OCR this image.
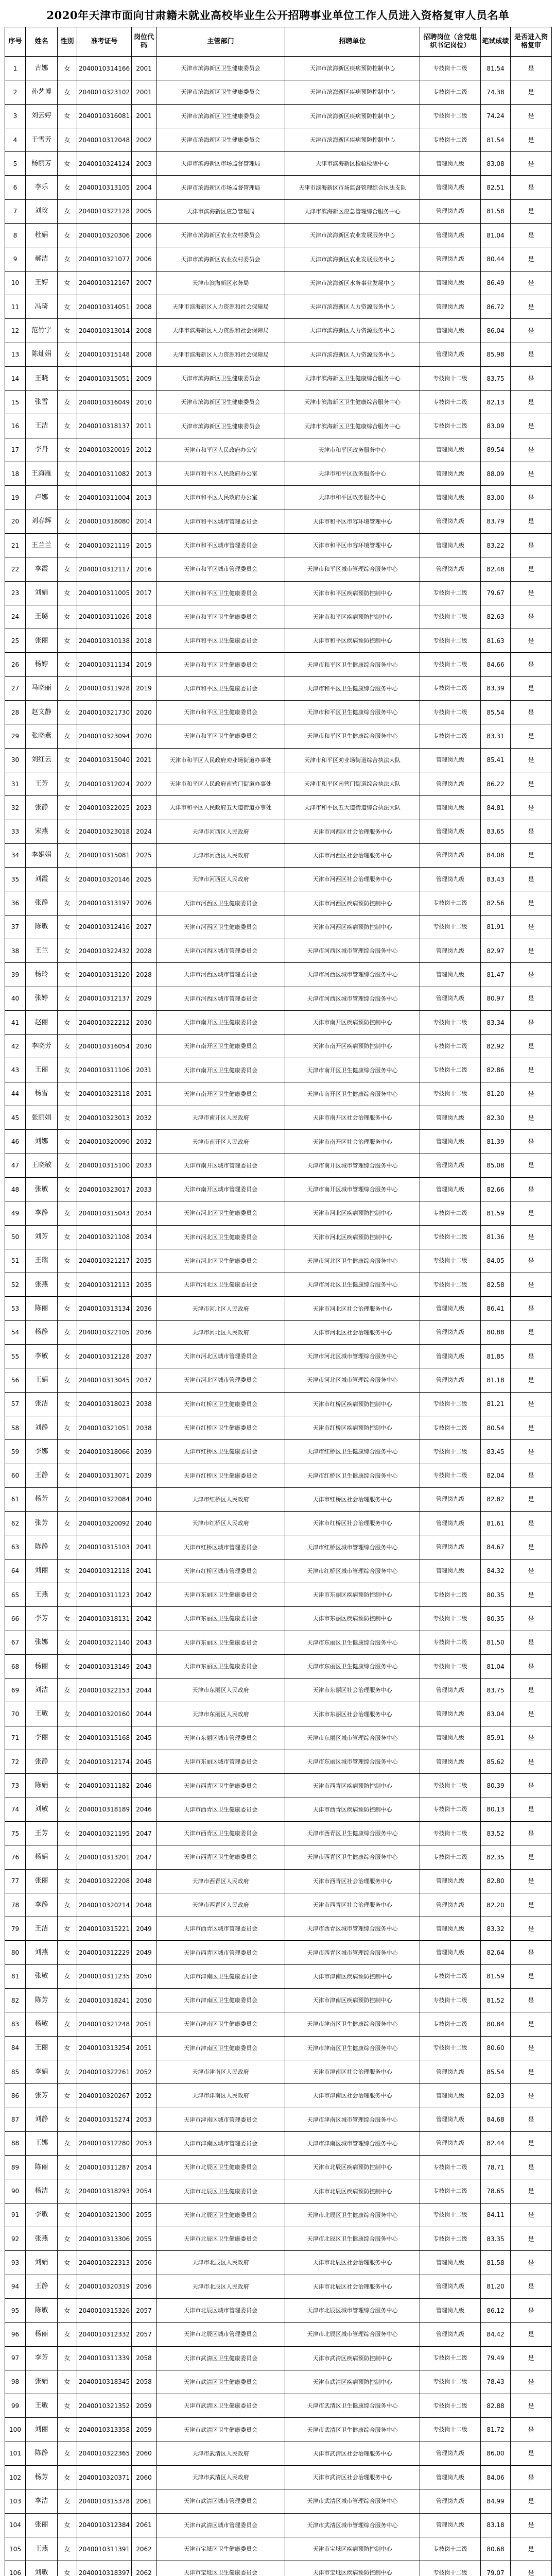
2020年天津市面向甘肃籍未就业高校毕业生公开招聘事业单位工作人员进入资格复审人员名单
序号	姓名	性别	准考证号	岗位代码	主管部门	招聘单位	招聘岗位（含党组织书记岗位）	笔试成绩	是否进入资格复审
1	古娜	女	2040010314166	2001	天津市滨海新区卫生健康委员会	天津市滨海新区疾病预防控制中心	专技岗十二级	81.54	是
2	孙艺博	女	2040010323102	2001	天津市滨海新区卫生健康委员会	天津市滨海新区疾病预防控制中心	专技岗十二级	74.38	是
3	刘云婷	女	2040010316081	2001	天津市滨海新区卫生健康委员会	天津市滨海新区疾病预防控制中心	专技岗十二级	74.24	是
4	于雪芳	女	2040010312048	2002	天津市滨海新区卫生健康委员会	天津市滨海新区疾病预防控制中心	专技岗十二级	81.54	是
5	杨丽芳	女	2040010324124	2003	天津市滨海新区市场监督管理局	天津市滨海新区检验检测中心	管理岗九级	83.08	是
6	李乐	女	2040010313105	2004	天津市滨海新区市场监督管理局	天津市滨海新区市场监督管理综合执法支队	管理岗九级	82.51	是
7	刘玫	女	2040010322128	2005	天津市滨海新区应急管理局	天津市滨海新区应急管理综合服务中心	管理岗九级	81.58	是
8	杜娟	女	2040010320306	2006	天津市滨海新区农业农村委员会	天津市滨海新区农业发展服务中心	管理岗九级	81.04	是
9	郝洁	女	2040010321077	2006	天津市滨海新区农业农村委员会	天津市滨海新区农业发展服务中心	管理岗九级	80.44	是
10	王婷	女	2040010312167	2007	天津市滨海新区水务局	天津市滨海新区水务事业发展中心	管理岗九级	86.49	是
11	冯琦	女	2040010314051	2008	天津市滨海新区人力资源和社会保障局	天津市滨海新区人力资源服务中心	管理岗九级	86.72	是
12	范竹宇	女	2040010313014	2008	天津市滨海新区人力资源和社会保障局	天津市滨海新区人力资源服务中心	管理岗九级	86.04	是
13	陈灿娟	女	2040010315148	2008	天津市滨海新区人力资源和社会保障局	天津市滨海新区人力资源服务中心	管理岗九级	85.98	是
14	王晓	女	2040010315051	2009	天津市滨海新区卫生健康委员会	天津市滨海新区卫生健康综合服务中心	专技岗十二级	83.75	是
15	张雪	女	2040010316049	2010	天津市滨海新区卫生健康委员会	天津市滨海新区卫生健康综合服务中心	专技岗十二级	82.13	是
16	王洁	女	2040010318137	2011	天津市滨海新区卫生健康委员会	天津市滨海新区卫生健康综合服务中心	专技岗十二级	83.09	是
17	李丹	女	2040010320019	2012	天津市和平区人民政府办公室	天津市和平区政务服务中心	管理岗九级	89.54	是
18	王海雁	女	2040010311082	2013	天津市和平区人民政府办公室	天津市和平区政务服务中心	管理岗九级	88.09	是
19	卢娜	女	2040010311004	2013	天津市和平区人民政府办公室	天津市和平区政务服务中心	管理岗九级	83.00	是
20	刘春辉	女	2040010318080	2014	天津市和平区城市管理委员会	天津市和平区市容环境管理中心	管理岗九级	83.79	是
21	王兰兰	女	2040010321119	2015	天津市和平区城市管理委员会	天津市和平区市容环境管理中心	管理岗九级	83.22	是
22	李霞	女	2040010312117	2016	天津市和平区城市管理委员会	天津市和平区城市管理综合服务中心	管理岗九级	82.48	是
23	刘娟	女	2040010311005	2017	天津市和平区卫生健康委员会	天津市和平区疾病预防控制中心	专技岗十二级	79.67	是
24	王璐	女	2040010311026	2018	天津市和平区卫生健康委员会	天津市和平区疾病预防控制中心	专技岗十二级	82.63	是
25	张丽	女	2040010310138	2018	天津市和平区卫生健康委员会	天津市和平区疾病预防控制中心	专技岗十二级	81.63	是
26	杨婷	女	2040010311134	2019	天津市和平区卫生健康委员会	天津市和平区卫生健康综合服务中心	专技岗十二级	84.66	是
27	马晓丽	女	2040010311928	2019	天津市和平区卫生健康委员会	天津市和平区卫生健康综合服务中心	专技岗十二级	83.39	是
28	赵文静	女	2040010321730	2020	天津市和平区卫生健康委员会	天津市和平区卫生健康综合服务中心	专技岗十二级	85.54	是
29	张晓燕	女	2040010323094	2020	天津市和平区卫生健康委员会	天津市和平区卫生健康综合服务中心	专技岗十二级	83.31	是
30	刘红云	女	2040010315040	2021	天津市和平区人民政府劝业场街道办事处	天津市和平区劝业场街道综合执法大队	管理岗九级	85.41	是
31	王芳	女	2040010312024	2022	天津市和平区人民政府南营门街道办事处	天津市和平区南营门街道综合执法大队	管理岗九级	86.22	是
32	张静	女	2040010322025	2023	天津市和平区人民政府五大道街道办事处	天津市和平区五大道街道综合执法大队	管理岗九级	84.81	是
33	宋燕	女	2040010323018	2024	天津市河西区人民政府	天津市河西区社会治理服务中心	管理岗九级	83.65	是
34	李娟娟	女	2040010315081	2025	天津市河西区人民政府	天津市河西区社会治理服务中心	管理岗九级	84.08	是
35	刘霞	女	2040010320146	2025	天津市河西区人民政府	天津市河西区社会治理服务中心	管理岗九级	83.43	是
36	张静	女	2040010313197	2026	天津市河西区卫生健康委员会	天津市河西区疾病预防控制中心	专技岗十二级	82.56	是
37	陈敏	女	2040010312416	2027	天津市河西区卫生健康委员会	天津市河西区疾病预防控制中心	专技岗十二级	81.91	是
38	王兰	女	2040010322432	2028	天津市河西区城市管理委员会	天津市河西区城市管理综合服务中心	管理岗九级	82.97	是
39	杨玲	女	2040010313120	2028	天津市河西区城市管理委员会	天津市河西区城市管理综合服务中心	管理岗九级	81.47	是
40	张婷	女	2040010312137	2029	天津市河西区城市管理委员会	天津市河西区城市管理综合服务中心	管理岗九级	80.97	是
41	赵丽	女	2040010322212	2030	天津市南开区卫生健康委员会	天津市南开区疾病预防控制中心	专技岗十二级	83.34	是
42	李晓芳	女	2040010316054	2030	天津市南开区卫生健康委员会	天津市南开区疾病预防控制中心	专技岗十二级	82.92	是
43	王丽	女	2040010311106	2031	天津市南开区卫生健康委员会	天津市南开区卫生健康综合服务中心	专技岗十二级	82.86	是
44	杨雪	女	2040010323118	2031	天津市南开区卫生健康委员会	天津市南开区卫生健康综合服务中心	专技岗十二级	81.20	是
45	张丽娟	女	2040010323013	2032	天津市南开区人民政府	天津市南开区社会治理服务中心	管理岗九级	82.30	是
46	刘娜	女	2040010320090	2032	天津市南开区人民政府	天津市南开区社会治理服务中心	管理岗九级	81.39	是
47	王晓敏	女	2040010315100	2033	天津市南开区城市管理委员会	天津市南开区城市管理综合服务中心	管理岗九级	85.08	是
48	张敏	女	2040010323017	2033	天津市南开区城市管理委员会	天津市南开区城市管理综合服务中心	管理岗九级	82.66	是
49	李静	女	2040010315043	2034	天津市河北区卫生健康委员会	天津市河北区疾病预防控制中心	专技岗十二级	81.59	是
50	刘芳	女	2040010321108	2034	天津市河北区卫生健康委员会	天津市河北区疾病预防控制中心	专技岗十二级	81.36	是
51	王瑞	女	2040010321217	2035	天津市河北区卫生健康委员会	天津市河北区卫生健康综合服务中心	专技岗十二级	84.05	是
52	张燕	女	2040010312113	2035	天津市河北区卫生健康委员会	天津市河北区卫生健康综合服务中心	专技岗十二级	82.58	是
53	陈丽	女	2040010313134	2036	天津市河北区人民政府	天津市河北区社会治理服务中心	管理岗九级	86.41	是
54	杨静	女	2040010322105	2036	天津市河北区人民政府	天津市河北区社会治理服务中心	管理岗九级	80.88	是
55	李敏	女	2040010312128	2037	天津市河北区城市管理委员会	天津市河北区城市管理综合服务中心	管理岗九级	81.85	是
56	王娟	女	2040010313045	2037	天津市河北区城市管理委员会	天津市河北区城市管理综合服务中心	管理岗九级	81.18	是
57	张洁	女	2040010318023	2038	天津市红桥区卫生健康委员会	天津市红桥区疾病预防控制中心	专技岗十二级	81.21	是
58	刘静	女	2040010321051	2038	天津市红桥区卫生健康委员会	天津市红桥区疾病预防控制中心	专技岗十二级	80.54	是
59	李娜	女	2040010318066	2039	天津市红桥区卫生健康委员会	天津市红桥区卫生健康综合服务中心	专技岗十二级	83.45	是
60	王静	女	2040010313071	2039	天津市红桥区卫生健康委员会	天津市红桥区卫生健康综合服务中心	专技岗十二级	82.04	是
61	杨芳	女	2040010322084	2040	天津市红桥区人民政府	天津市红桥区社会治理服务中心	管理岗九级	82.82	是
62	张芳	女	2040010320092	2040	天津市红桥区人民政府	天津市红桥区社会治理服务中心	管理岗九级	81.61	是
63	陈静	女	2040010315103	2041	天津市红桥区城市管理委员会	天津市红桥区城市管理综合服务中心	管理岗九级	84.67	是
64	刘丽	女	2040010312118	2041	天津市红桥区城市管理委员会	天津市红桥区城市管理综合服务中心	管理岗九级	84.32	是
65	王燕	女	2040010311123	2042	天津市东丽区卫生健康委员会	天津市东丽区疾病预防控制中心	专技岗十二级	80.35	是
66	李芳	女	2040010318131	2042	天津市东丽区卫生健康委员会	天津市东丽区疾病预防控制中心	专技岗十二级	80.35	是
67	张娜	女	2040010321140	2043	天津市东丽区卫生健康委员会	天津市东丽区卫生健康综合服务中心	专技岗十二级	81.50	是
68	杨丽	女	2040010313149	2043	天津市东丽区卫生健康委员会	天津市东丽区卫生健康综合服务中心	专技岗十二级	81.04	是
69	刘洁	女	2040010322153	2044	天津市东丽区人民政府	天津市东丽区社会治理服务中心	管理岗九级	83.75	是
70	王敏	女	2040010320160	2044	天津市东丽区人民政府	天津市东丽区社会治理服务中心	管理岗九级	83.04	是
71	李丽	女	2040010315168	2045	天津市东丽区城市管理委员会	天津市东丽区城市管理综合服务中心	管理岗九级	85.91	是
72	张静	女	2040010312174	2045	天津市东丽区城市管理委员会	天津市东丽区城市管理综合服务中心	管理岗九级	85.62	是
73	陈娟	女	2040010311182	2046	天津市西青区卫生健康委员会	天津市西青区疾病预防控制中心	专技岗十二级	80.39	是
74	刘敏	女	2040010318189	2046	天津市西青区卫生健康委员会	天津市西青区疾病预防控制中心	专技岗十二级	80.13	是
75	王芳	女	2040010321195	2047	天津市西青区卫生健康委员会	天津市西青区卫生健康综合服务中心	专技岗十二级	83.52	是
76	杨娟	女	2040010313201	2047	天津市西青区卫生健康委员会	天津市西青区卫生健康综合服务中心	专技岗十二级	82.35	是
77	张丽	女	2040010322208	2048	天津市西青区人民政府	天津市西青区社会治理服务中心	管理岗九级	82.80	是
78	李静	女	2040010320214	2048	天津市西青区人民政府	天津市西青区社会治理服务中心	管理岗九级	82.20	是
79	王洁	女	2040010315221	2049	天津市西青区城市管理委员会	天津市西青区城市管理综合服务中心	管理岗九级	83.32	是
80	刘燕	女	2040010312229	2049	天津市西青区城市管理委员会	天津市西青区城市管理综合服务中心	管理岗九级	82.64	是
81	张敏	女	2040010311235	2050	天津市津南区卫生健康委员会	天津市津南区疾病预防控制中心	专技岗十二级	81.59	是
82	陈芳	女	2040010318241	2050	天津市津南区卫生健康委员会	天津市津南区疾病预防控制中心	专技岗十二级	81.52	是
83	杨敏	女	2040010321248	2051	天津市津南区卫生健康委员会	天津市津南区卫生健康综合服务中心	专技岗十二级	80.84	是
84	王丽	女	2040010313254	2051	天津市津南区卫生健康委员会	天津市津南区卫生健康综合服务中心	专技岗十二级	80.60	是
85	李娟	女	2040010322261	2052	天津市津南区人民政府	天津市津南区社会治理服务中心	管理岗九级	85.54	是
86	张芳	女	2040010320267	2052	天津市津南区人民政府	天津市津南区社会治理服务中心	管理岗九级	82.03	是
87	刘静	女	2040010315274	2053	天津市津南区城市管理委员会	天津市津南区城市管理综合服务中心	管理岗九级	84.68	是
88	王娜	女	2040010312280	2053	天津市津南区城市管理委员会	天津市津南区城市管理综合服务中心	管理岗九级	82.44	是
89	陈丽	女	2040010311287	2054	天津市北辰区卫生健康委员会	天津市北辰区疾病预防控制中心	专技岗十二级	78.71	是
90	杨洁	女	2040010318293	2054	天津市北辰区卫生健康委员会	天津市北辰区疾病预防控制中心	专技岗十二级	78.65	是
91	李敏	女	2040010321300	2055	天津市北辰区卫生健康委员会	天津市北辰区卫生健康综合服务中心	专技岗十二级	84.11	是
92	张燕	女	2040010313306	2055	天津市北辰区卫生健康委员会	天津市北辰区卫生健康综合服务中心	专技岗十二级	83.35	是
93	刘娟	女	2040010322313	2056	天津市北辰区人民政府	天津市北辰区社会治理服务中心	管理岗九级	81.58	是
94	王静	女	2040010320319	2056	天津市北辰区人民政府	天津市北辰区社会治理服务中心	管理岗九级	81.20	是
95	陈敏	女	2040010315326	2057	天津市北辰区城市管理委员会	天津市北辰区城市管理综合服务中心	管理岗九级	86.12	是
96	杨丽	女	2040010312332	2057	天津市北辰区城市管理委员会	天津市北辰区城市管理综合服务中心	管理岗九级	84.42	是
97	李芳	女	2040010311339	2058	天津市武清区卫生健康委员会	天津市武清区疾病预防控制中心	专技岗十二级	79.49	是
98	张娟	女	2040010318345	2058	天津市武清区卫生健康委员会	天津市武清区疾病预防控制中心	专技岗十二级	78.43	是
99	王敏	女	2040010321352	2059	天津市武清区卫生健康委员会	天津市武清区卫生健康综合服务中心	专技岗十二级	82.88	是
100	刘丽	女	2040010313358	2059	天津市武清区卫生健康委员会	天津市武清区卫生健康综合服务中心	专技岗十二级	81.72	是
101	陈静	女	2040010322365	2060	天津市武清区人民政府	天津市武清区社会治理服务中心	管理岗九级	86.00	是
102	杨芳	女	2040010320371	2060	天津市武清区人民政府	天津市武清区社会治理服务中心	管理岗九级	84.06	是
103	李洁	女	2040010315378	2061	天津市武清区城市管理委员会	天津市武清区城市管理综合服务中心	管理岗九级	84.99	是
104	张丽	女	2040010312384	2061	天津市武清区城市管理委员会	天津市武清区城市管理综合服务中心	管理岗九级	83.18	是
105	王燕	女	2040010311391	2062	天津市宝坻区卫生健康委员会	天津市宝坻区疾病预防控制中心	专技岗十二级	80.68	是
106	刘敏	女	2040010318397	2062	天津市宝坻区卫生健康委员会	天津市宝坻区疾病预防控制中心	专技岗十二级	79.07	是
